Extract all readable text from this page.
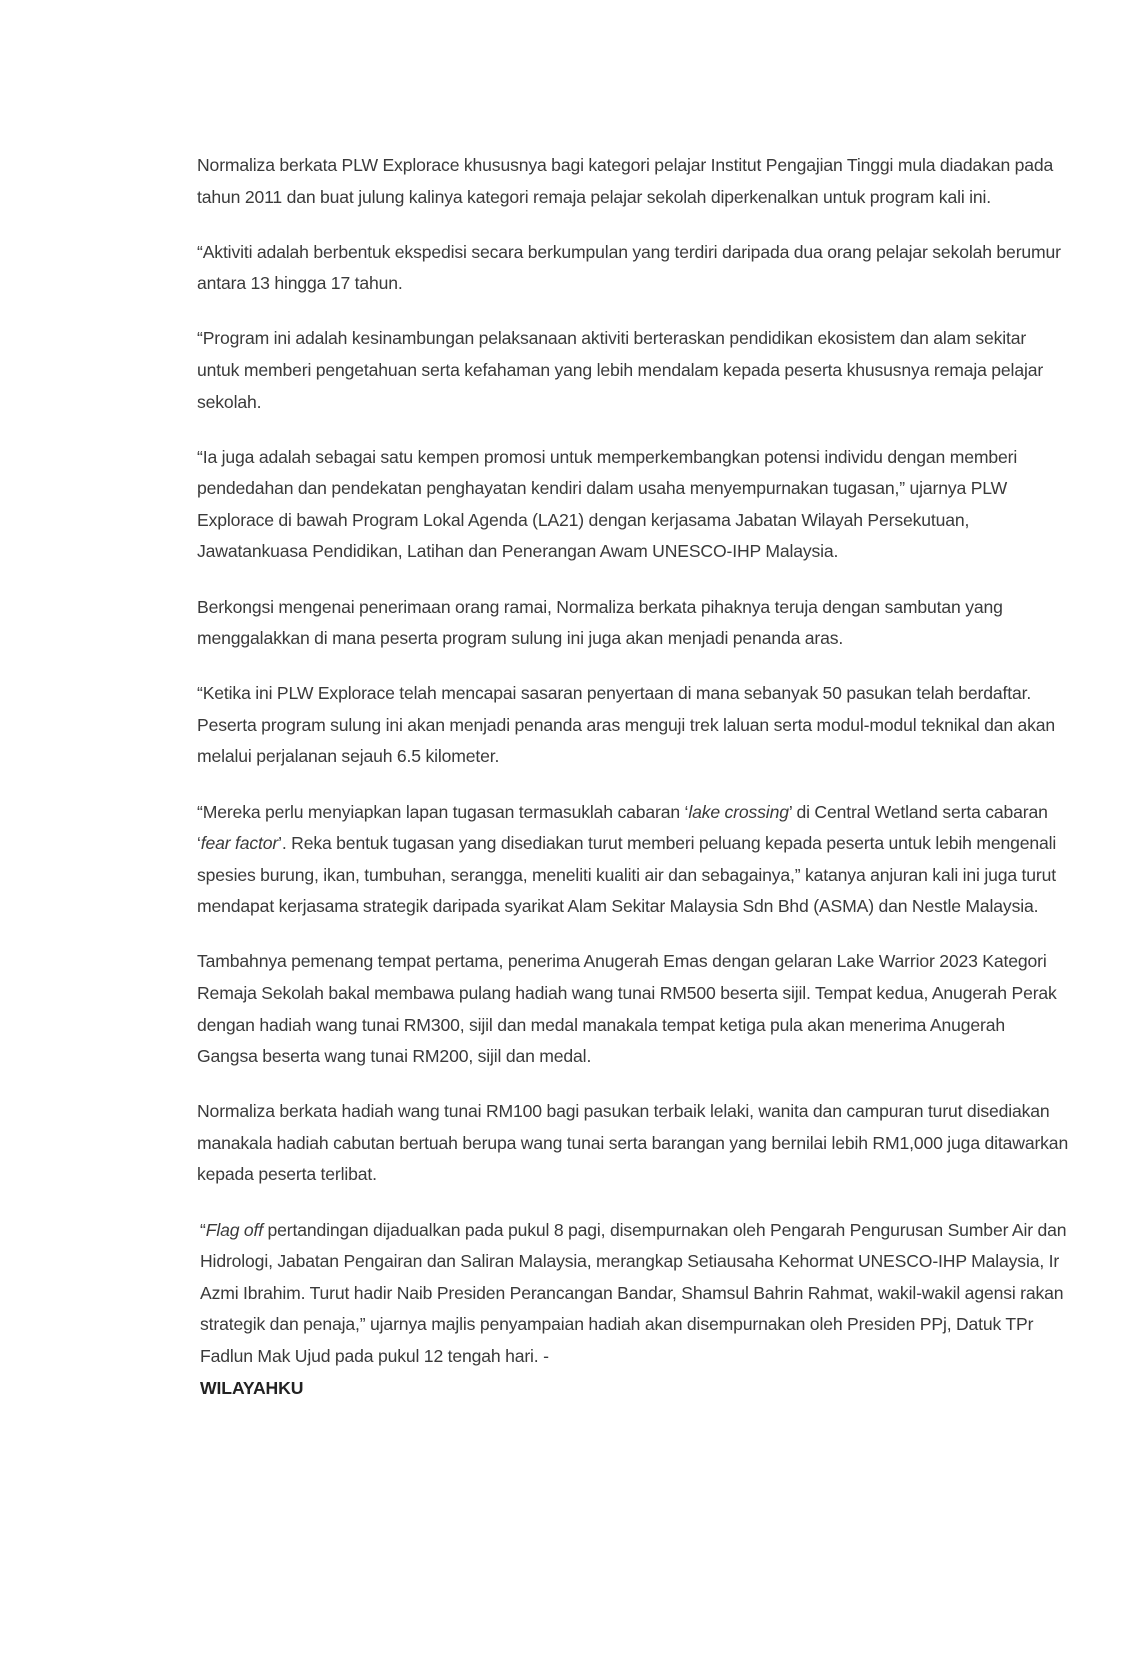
Normaliza berkata PLW Explorace khususnya bagi kategori pelajar Institut Pengajian Tinggi mula diadakan pada tahun 2011 dan buat julung kalinya kategori remaja pelajar sekolah diperkenalkan untuk program kali ini.

“Aktiviti adalah berbentuk ekspedisi secara berkumpulan yang terdiri daripada dua orang pelajar sekolah berumur antara 13 hingga 17 tahun.

“Program ini adalah kesinambungan pelaksanaan aktiviti berteraskan pendidikan ekosistem dan alam sekitar untuk memberi pengetahuan serta kefahaman yang lebih mendalam kepada peserta khususnya remaja pelajar sekolah.

“Ia juga adalah sebagai satu kempen promosi untuk memperkembangkan potensi individu dengan memberi pendedahan dan pendekatan penghayatan kendiri dalam usaha menyempurnakan tugasan,” ujarnya PLW Explorace di bawah Program Lokal Agenda (LA21) dengan kerjasama Jabatan Wilayah Persekutuan, Jawatankuasa Pendidikan, Latihan dan Penerangan Awam UNESCO-IHP Malaysia.

Berkongsi mengenai penerimaan orang ramai, Normaliza berkata pihaknya teruja dengan sambutan yang menggalakkan di mana peserta program sulung ini juga akan menjadi penanda aras.

“Ketika ini PLW Explorace telah mencapai sasaran penyertaan di mana sebanyak 50 pasukan telah berdaftar. Peserta program sulung ini akan menjadi penanda aras menguji trek laluan serta modul-modul teknikal dan akan melalui perjalanan sejauh 6.5 kilometer.

“Mereka perlu menyiapkan lapan tugasan termasuklah cabaran ‘lake crossing’ di Central Wetland serta cabaran ‘fear factor’. Reka bentuk tugasan yang disediakan turut memberi peluang kepada peserta untuk lebih mengenali spesies burung, ikan, tumbuhan, serangga, meneliti kualiti air dan sebagainya,” katanya anjuran kali ini juga turut mendapat kerjasama strategik daripada syarikat Alam Sekitar Malaysia Sdn Bhd (ASMA) dan Nestle Malaysia.

Tambahnya pemenang tempat pertama, penerima Anugerah Emas dengan gelaran Lake Warrior 2023 Kategori Remaja Sekolah bakal membawa pulang hadiah wang tunai RM500 beserta sijil. Tempat kedua, Anugerah Perak dengan hadiah wang tunai RM300, sijil dan medal manakala tempat ketiga pula akan menerima Anugerah Gangsa beserta wang tunai RM200, sijil dan medal.

Normaliza berkata hadiah wang tunai RM100 bagi pasukan terbaik lelaki, wanita dan campuran turut disediakan manakala hadiah cabutan bertuah berupa wang tunai serta barangan yang bernilai lebih RM1,000 juga ditawarkan kepada peserta terlibat.

“Flag off pertandingan dijadualkan pada pukul 8 pagi, disempurnakan oleh Pengarah Pengurusan Sumber Air dan Hidrologi, Jabatan Pengairan dan Saliran Malaysia, merangkap Setiausaha Kehormat UNESCO-IHP Malaysia, Ir Azmi Ibrahim. Turut hadir Naib Presiden Perancangan Bandar, Shamsul Bahrin Rahmat, wakil-wakil agensi rakan strategik dan penaja,” ujarnya majlis penyampaian hadiah akan disempurnakan oleh Presiden PPj, Datuk TPr Fadlun Mak Ujud pada pukul 12 tengah hari. -
WILAYAHKU
